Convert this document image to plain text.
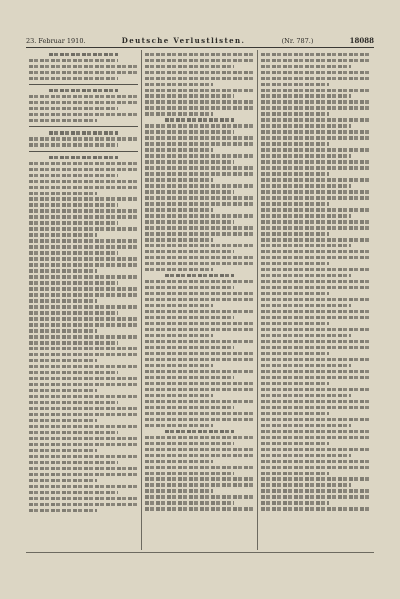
23. Februar 1910.	Deutsche Verlustlisten.	(Nr. 787.)	18088
